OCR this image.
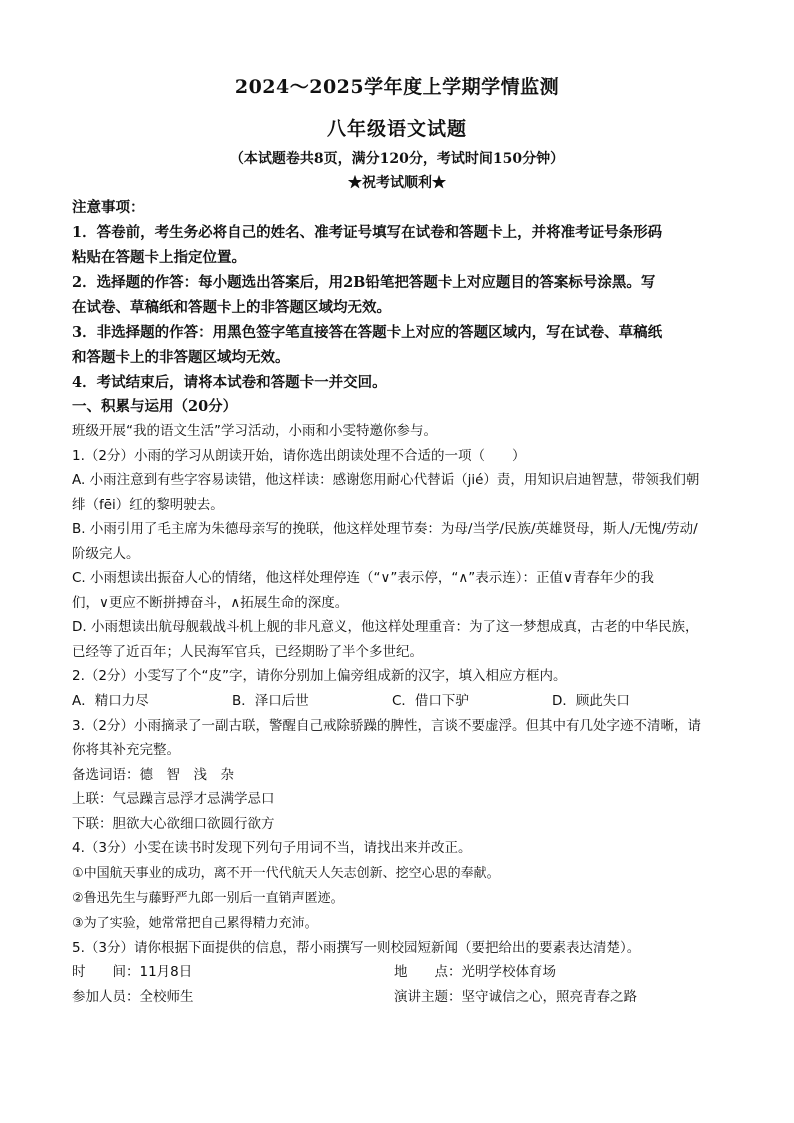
2024～2025学年度上学期学情监测
八年级语文试题
（本试题卷共8页，满分120分，考试时间150分钟）
★祝考试顺利★

注意事项：

1．答卷前，考生务必将自己的姓名、准考证号填写在试卷和答题卡上，并将准考证号条形码
粘贴在答题卡上指定位置。
2．选择题的作答：每小题选出答案后，用2B铅笔把答题卡上对应题目的答案标号涂黑。写
在试卷、草稿纸和答题卡上的非答题区域均无效。
3．非选择题的作答：用黑色签字笔直接答在答题卡上对应的答题区域内，写在试卷、草稿纸
和答题卡上的非答题区域均无效。
4．考试结束后，请将本试卷和答题卡一并交回。

一、积累与运用（20分）

班级开展“我的语文生活”学习活动，小雨和小雯特邀你参与。

1.（2分）小雨的学习从朗读开始，请你选出朗读处理不合适的一项（　　）

A. 小雨注意到有些字容易读错，他这样读：感谢您用耐心代替诟（jié）责，用知识启迪智慧，带领我们朝

绯（fēi）红的黎明驶去。

B. 小雨引用了毛主席为朱德母亲写的挽联，他这样处理节奏：为母/当学/民族/英雄贤母，斯人/无愧/劳动/

阶级完人。

C. 小雨想读出振奋人心的情绪，他这样处理停连（“∨”表示停，“∧”表示连）：正值∨青春年少的我

们，∨更应不断拼搏奋斗，∧拓展生命的深度。

D. 小雨想读出航母舰载战斗机上舰的非凡意义，他这样处理重音：为了这一梦想成真，古老的中华民族，

已经等了近百年；人民海军官兵，已经期盼了半个多世纪。

2.（2分）小雯写了个“皮”字，请你分别加上偏旁组成新的汉字，填入相应方框内。

A．精口力尽	B．泽口后世	C．借口下驴	D．顾此失口

3.（2分）小雨摘录了一副古联，警醒自己戒除骄躁的脾性，言谈不要虚浮。但其中有几处字迹不清晰，请

你将其补充完整。

备选词语：德　智　浅　杂

上联：气忌躁言忌浮才忌满学忌口

下联：胆欲大心欲细口欲圆行欲方

4.（3分）小雯在读书时发现下列句子用词不当，请找出来并改正。

①中国航天事业的成功，离不开一代代航天人矢志创新、挖空心思的奉献。

②鲁迅先生与藤野严九郎一别后一直销声匿迹。

③为了实验，她常常把自己累得精力充沛。

5.（3分）请你根据下面提供的信息，帮小雨撰写一则校园短新闻（要把给出的要素表达清楚）。

时　　间：11月8日	地　　点：光明学校体育场
参加人员：全校师生	演讲主题：坚守诚信之心，照亮青春之路
